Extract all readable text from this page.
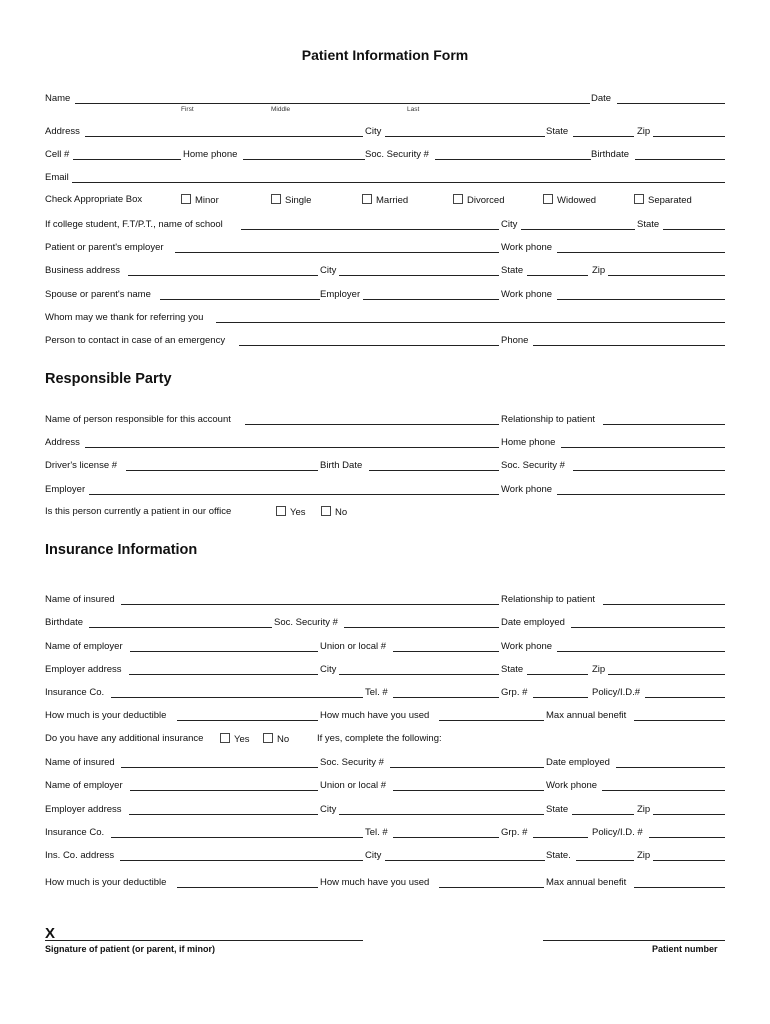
Patient Information Form
Name	Date
First	Middle	Last
Address	City	State	Zip
Cell #	Home phone	Soc. Security #	Birthdate
Email
Check Appropriate Box	Minor	Single	Married	Divorced	Widowed	Separated
If college student, F.T/P.T., name of school	City	State
Patient or parent's employer	Work phone
Business address	City	State	Zip
Spouse or parent's name	Employer	Work phone
Whom may we thank for referring you
Person to contact in case of an emergency	Phone
Responsible Party
Name of person responsible for this account	Relationship to patient
Address	Home phone
Driver's license #	Birth Date	Soc. Security #
Employer	Work phone
Is this person currently a patient in our office	Yes	No
Insurance Information
Name of insured	Relationship to patient
Birthdate	Soc. Security #	Date employed
Name of employer	Union or local #	Work phone
Employer address	City	State	Zip
Insurance Co.	Tel. #	Grp. #	Policy/I.D.#
How much is your deductible	How much have you used	Max annual benefit
Do you have any additional insurance	Yes	No	If yes, complete the following:
Name of insured	Soc. Security #	Date employed
Name of employer	Union or local #	Work phone
Employer address	City	State	Zip
Insurance Co.	Tel. #	Grp. #	Policy/I.D. #
Ins. Co. address	City	State.	Zip
How much is your deductible	How much have you used	Max annual benefit
X
Signature of patient (or parent, if minor)	Patient number
